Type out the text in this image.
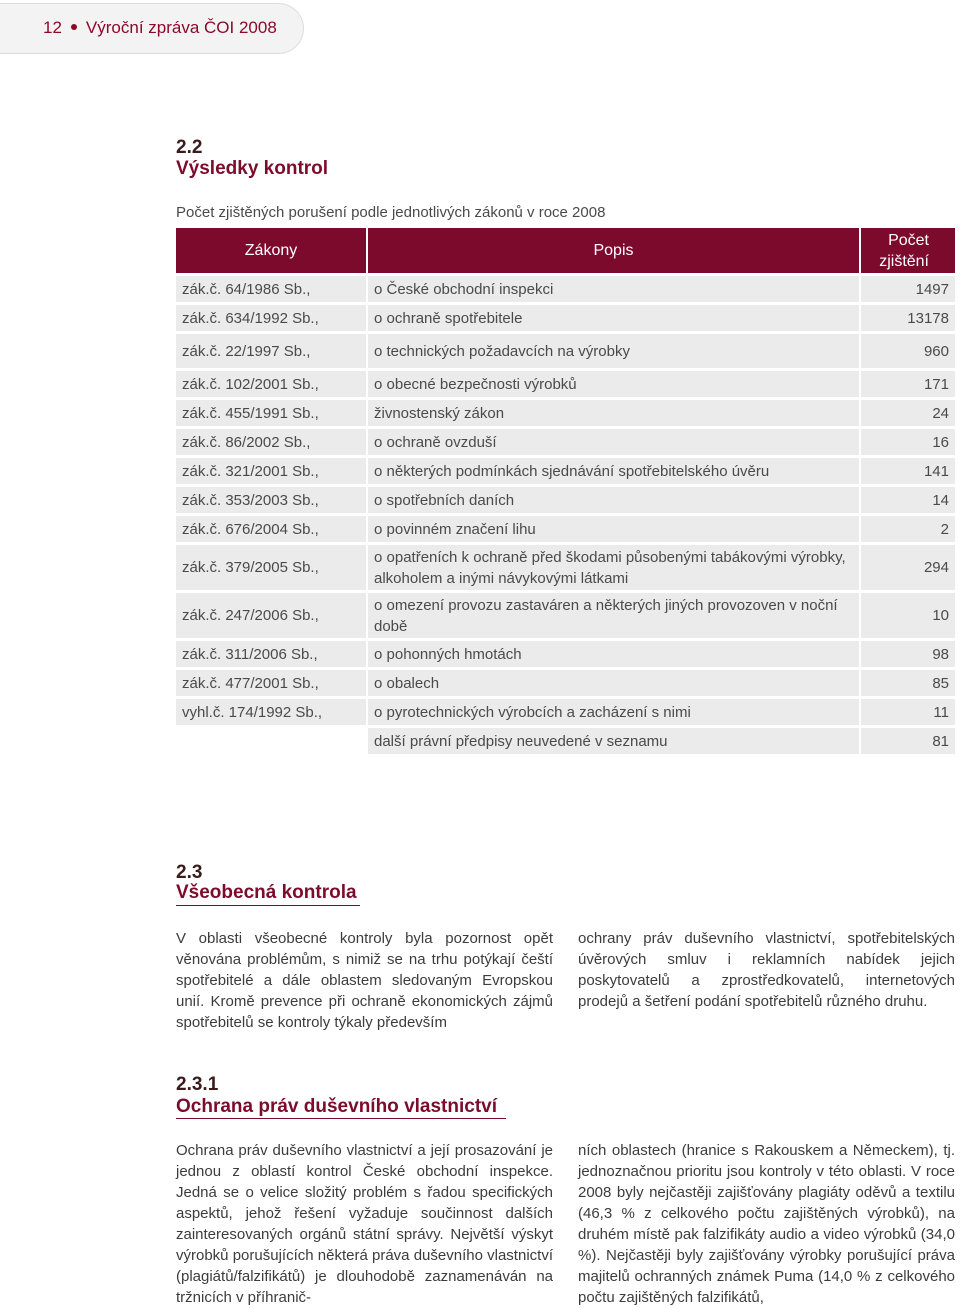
12 Výroční zpráva ČOI 2008
2.2
Výsledky kontrol
Počet zjištěných porušení podle jednotlivých zákonů v roce 2008
Zákony	Popis	Počet zjištění
zák.č. 64/1986 Sb.,	o České obchodní inspekci	1497
zák.č. 634/1992 Sb.,	o ochraně spotřebitele	13178
zák.č. 22/1997 Sb.,	o technických požadavcích na výrobky	960
zák.č. 102/2001 Sb.,	o obecné bezpečnosti výrobků	171
zák.č. 455/1991 Sb.,	živnostenský zákon	24
zák.č. 86/2002 Sb.,	o ochraně ovzduší	16
zák.č. 321/2001 Sb.,	o některých podmínkách sjednávání spotřebitelského úvěru	141
zák.č. 353/2003 Sb.,	o spotřebních daních	14
zák.č. 676/2004 Sb.,	o povinném značení lihu	2
zák.č. 379/2005 Sb.,	o opatřeních k ochraně před škodami působenými tabákovými výrobky, alkoholem a inými návykovými látkami	294
zák.č. 247/2006 Sb.,	o omezení provozu zastaváren a některých jiných provozoven v noční době	10
zák.č. 311/2006 Sb.,	o pohonných hmotách	98
zák.č. 477/2001 Sb.,	o obalech	85
vyhl.č. 174/1992 Sb.,	o pyrotechnických výrobcích a zacházení s nimi	11
	další právní předpisy neuvedené v seznamu	81
2.3
Všeobecná kontrola
V oblasti všeobecné kontroly byla pozornost opět věnována problémům, s nimiž se na trhu potýkají čeští spotřebitelé a dále oblastem sledovaným Evropskou unií. Kromě prevence při ochraně ekonomických zájmů spotřebitelů se kontroly týkaly především
ochrany práv duševního vlastnictví, spotřebitelských úvěrových smluv i reklamních nabídek jejich poskytovatelů a zprostředkovatelů, internetových prodejů a šetření podání spotřebitelů různého druhu.
2.3.1
Ochrana práv duševního vlastnictví
Ochrana práv duševního vlastnictví a její prosazování je jednou z oblastí kontrol České obchodní inspekce. Jedná se o velice složitý problém s řadou specifických aspektů, jehož řešení vyžaduje součinnost dalších zainteresovaných orgánů státní správy. Největší výskyt výrobků porušujících některá práva duševního vlastnictví (plagiátů/falzifikátů) je dlouhodobě zaznamenáván na tržnicích v příhranič-
ních oblastech (hranice s Rakouskem a Německem), tj. jednoznačnou prioritu jsou kontroly v této oblasti. V roce 2008 byly nejčastěji zajišťovány plagiáty oděvů a textilu (46,3 % z celkového počtu zajištěných výrobků), na druhém místě pak falzifikáty audio a video výrobků (34,0 %). Nejčastěji byly zajišťovány výrobky porušující práva majitelů ochranných známek Puma (14,0 % z celkového počtu zajištěných falzifikátů,
